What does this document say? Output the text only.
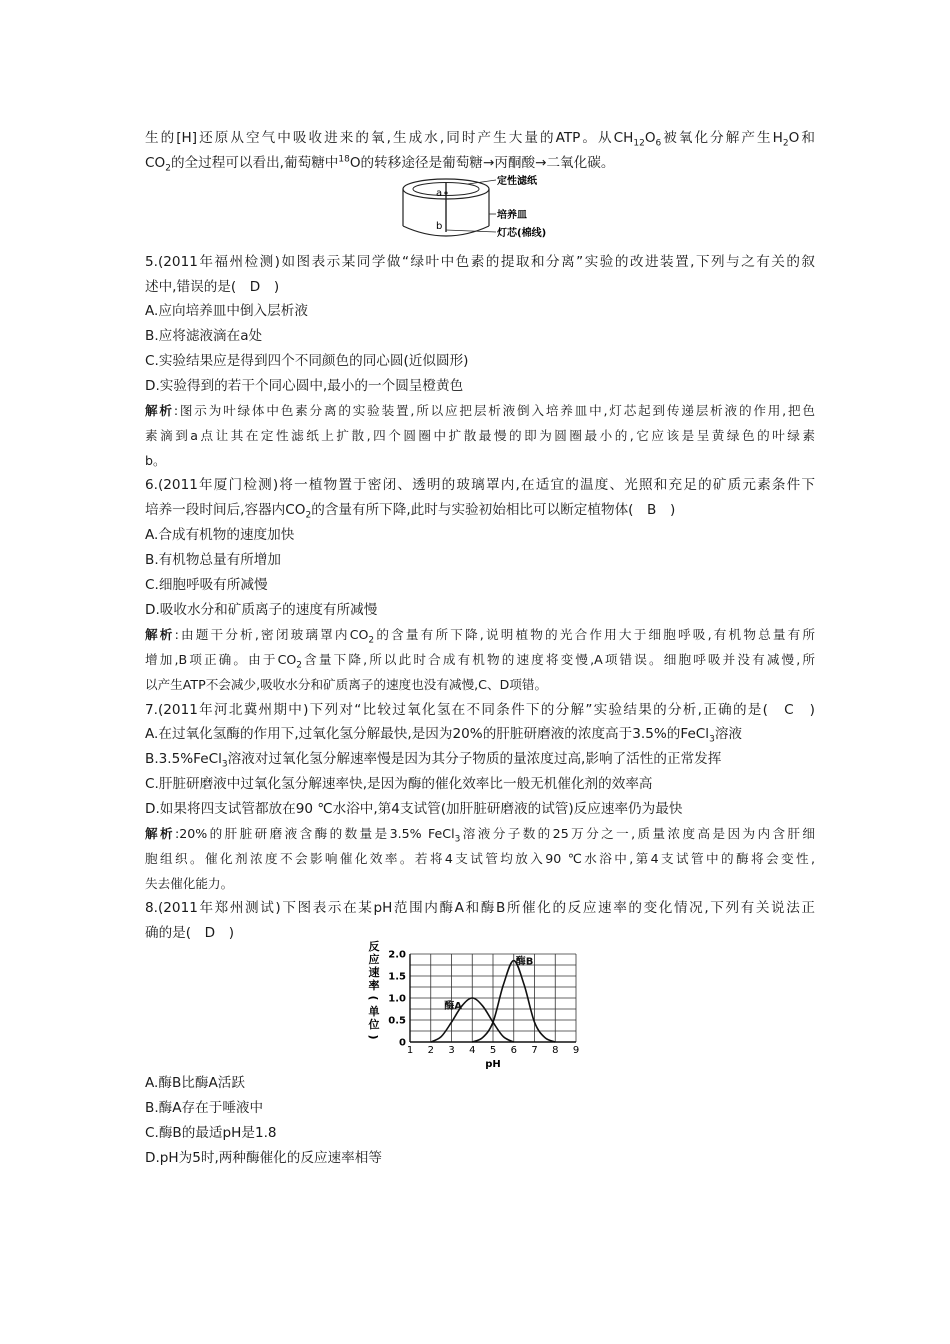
生的[H]还原从空气中吸收进来的氧,生成水,同时产生大量的ATP。从$CH_{12}O_6$被氧化分解产生$H_2O$和
$CO_2$的全过程可以看出,葡萄糖中$^{18}$O的转移途径是葡萄糖→丙酮酸→二氧化碳。
a
b
定性滤纸
培养皿
灯芯(棉线)
5.(2011年福州检测)如图表示某同学做“绿叶中色素的提取和分离”实验的改进装置,下列与之有关的叙
述中,错误的是(　D　)
A.应向培养皿中倒入层析液
B.应将滤液滴在a处
C.实验结果应是得到四个不同颜色的同心圆(近似圆形)
D.实验得到的若干个同心圆中,最小的一个圆呈橙黄色
解析:图示为叶绿体中色素分离的实验装置,所以应把层析液倒入培养皿中,灯芯起到传递层析液的作用,把色
素滴到a点让其在定性滤纸上扩散,四个圆圈中扩散最慢的即为圆圈最小的,它应该是呈黄绿色的叶绿素
b。
6.(2011年厦门检测)将一植物置于密闭、透明的玻璃罩内,在适宜的温度、光照和充足的矿质元素条件下
培养一段时间后,容器内$CO_2$的含量有所下降,此时与实验初始相比可以断定植物体(　B　)
A.合成有机物的速度加快
B.有机物总量有所增加
C.细胞呼吸有所减慢
D.吸收水分和矿质离子的速度有所减慢
解析:由题干分析,密闭玻璃罩内$CO_2$的含量有所下降,说明植物的光合作用大于细胞呼吸,有机物总量有所
增加,B项正确。由于$CO_2$含量下降,所以此时合成有机物的速度将变慢,A项错误。细胞呼吸并没有减慢,所
以产生ATP不会减少,吸收水分和矿质离子的速度也没有减慢,C、D项错。
7.(2011年河北冀州期中)下列对“比较过氧化氢在不同条件下的分解”实验结果的分析,正确的是(　C　)
A.在过氧化氢酶的作用下,过氧化氢分解最快,是因为20%的肝脏研磨液的浓度高于3.5%的FeCl$_3$溶液
B.3.5%FeCl$_3$溶液对过氧化氢分解速率慢是因为其分子物质的量浓度过高,影响了活性的正常发挥
C.肝脏研磨液中过氧化氢分解速率快,是因为酶的催化效率比一般无机催化剂的效率高
D.如果将四支试管都放在90 ℃水浴中,第4支试管(加肝脏研磨液的试管)反应速率仍为最快
解析:20%的肝脏研磨液含酶的数量是3.5% FeCl$_3$溶液分子数的25万分之一,质量浓度高是因为内含肝细
胞组织。催化剂浓度不会影响催化效率。若将4支试管均放入90 ℃水浴中,第4支试管中的酶将会变性,
失去催化能力。
8.(2011年郑州测试)下图表示在某pH范围内酶A和酶B所催化的反应速率的变化情况,下列有关说法正
确的是(　D　)
反
应
速
率
(
单
位
)
酶A
酶B
1 2 3 4 5 6 7 8 9
0
0.5
1.0
1.5
2.0
pH
A.酶B比酶A活跃
B.酶A存在于唾液中
C.酶B的最适pH是1.8
D.pH为5时,两种酶催化的反应速率相等
